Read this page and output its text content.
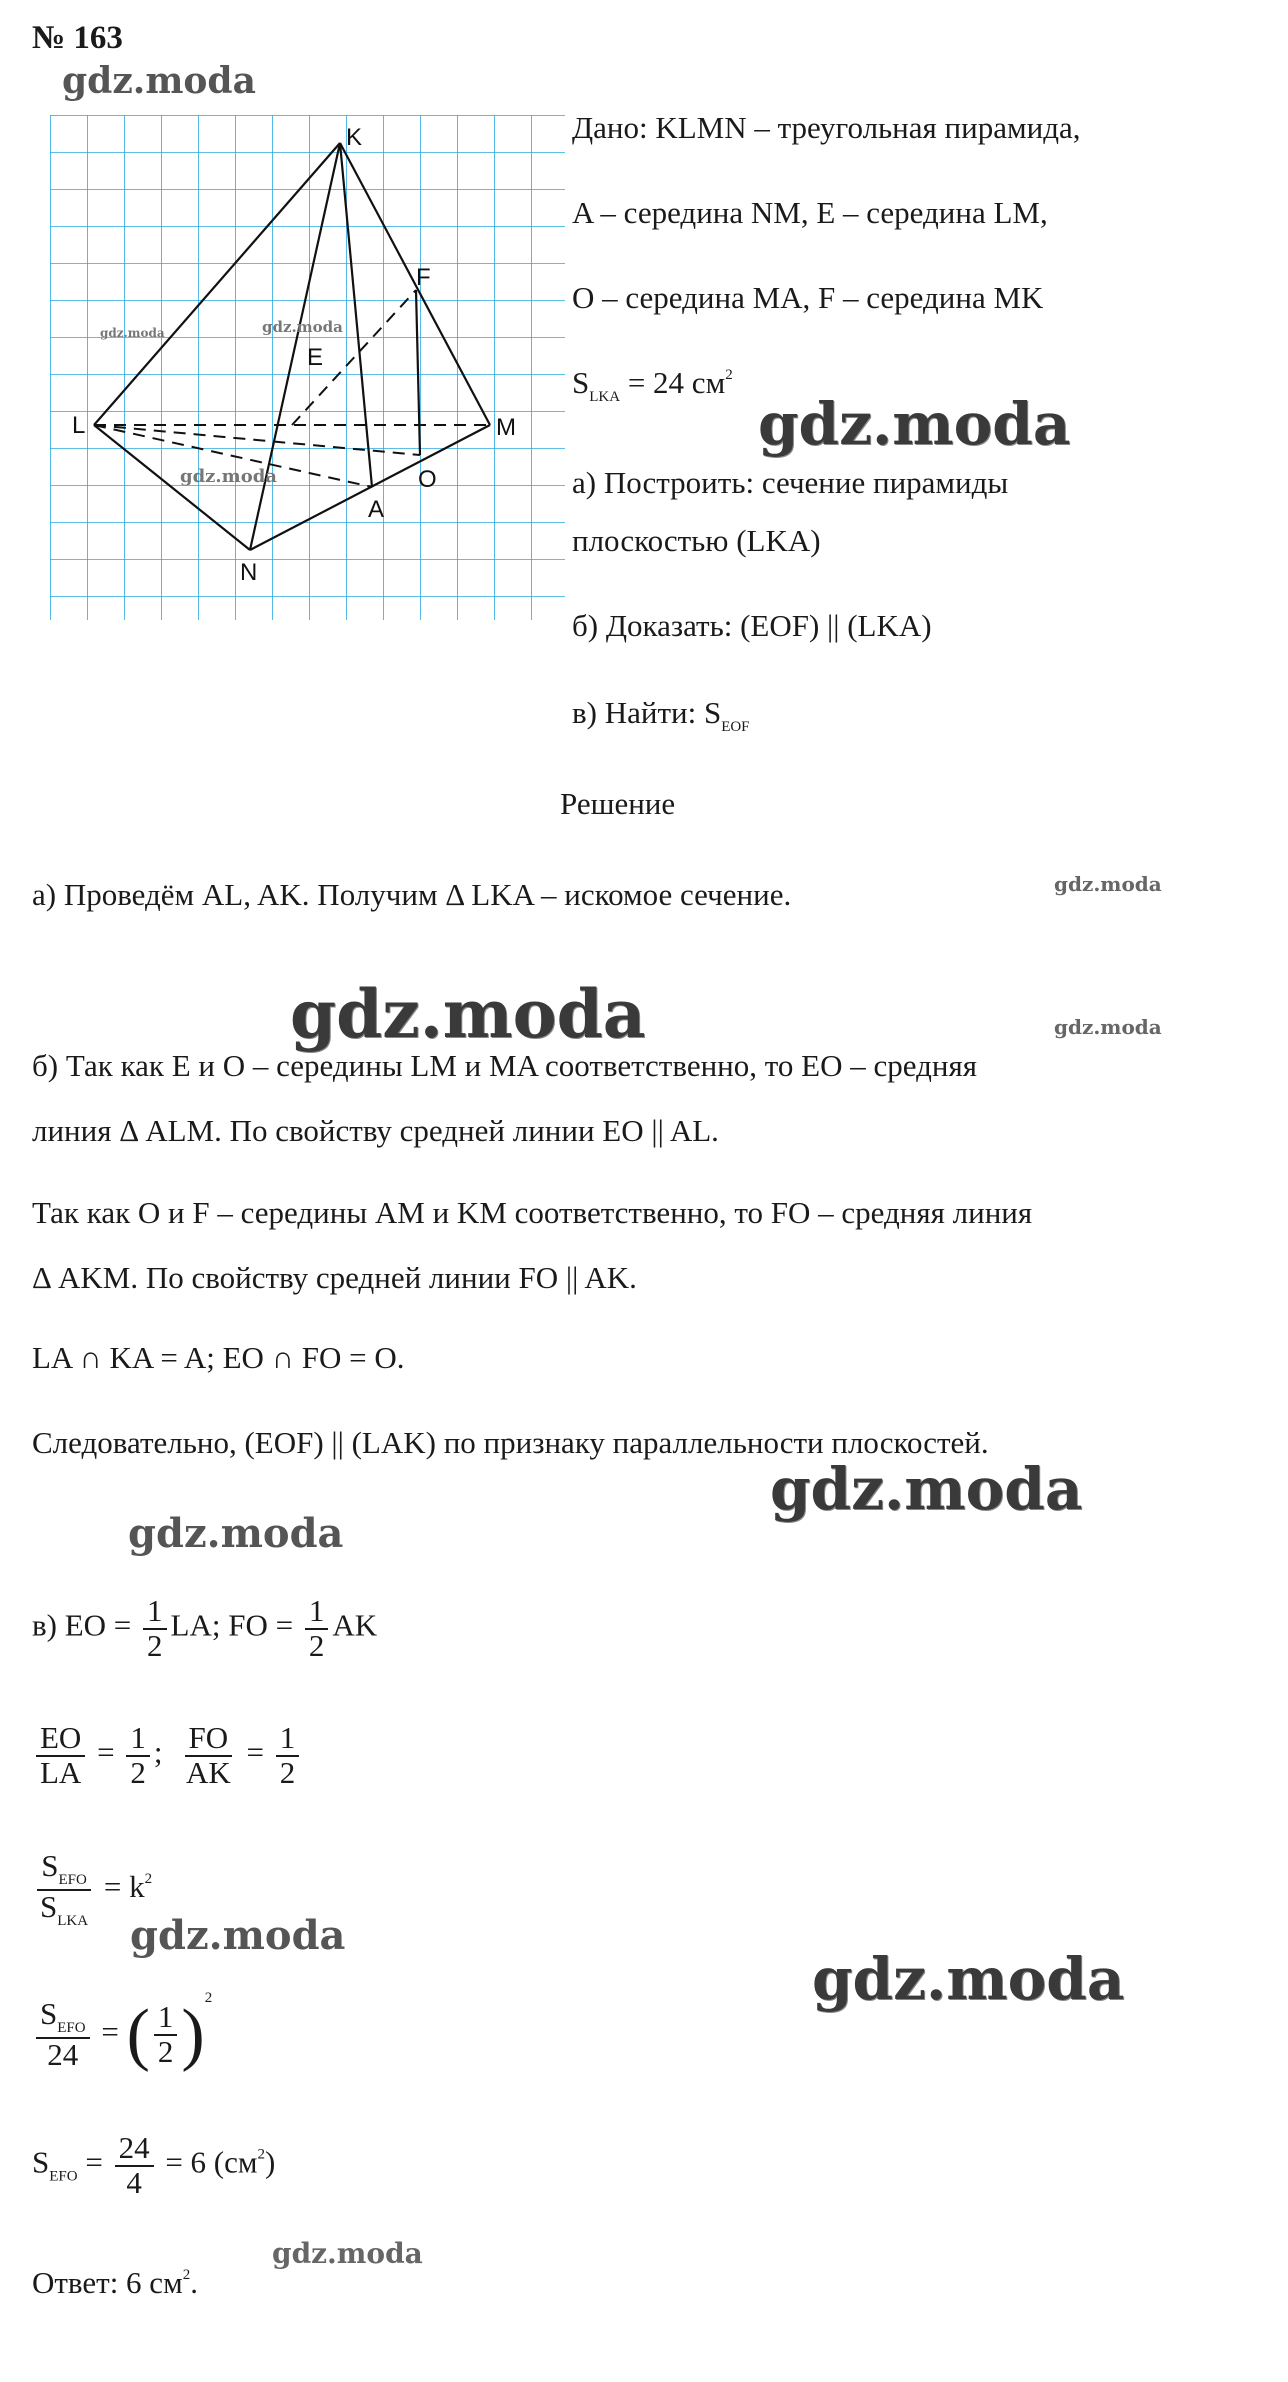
№ 163
K
L	M
N
A
O
E
F
Дано: KLMN – треугольная пирамида,
A – середина NM, E – середина LM,
O – середина MA, F – середина MK
$S_{LKA} = 24$ $см^2$
а) Построить: сечение пирамиды
плоскостью (LKA)
б) Доказать: (EOF) || (LKA)
в) Найти: $S_{EOF}$
Решение
а) Проведём AL, AK. Получим Δ LKA – искомое сечение.
б) Так как E и O – середины LM и MA соответственно, то EO – средняя
линия Δ ALM. По свойству средней линии EO || AL.
Так как O и F – середины AM и KM соответственно, то FO – средняя линия
Δ AKM. По свойству средней линии FO || AK.
LA ∩ KA = A; EO ∩ FO = O.
Следовательно, (EOF) || (LAK) по признаку параллельности плоскостей.
в) EO = $\frac{1}{2}$ LA; FO = $\frac{1}{2}$ AK
$\frac{EO}{LA} = \frac{1}{2}$ ; $\frac{FO}{AK} = \frac{1}{2}$
$\frac{S_{EFO}}{S_{LKA}} = k^2$
$\frac{S_{EFO}}{24}$ = ( $\frac{1}{2} )^2$
$S_{EFO} = \frac{24}{4} = 6$ $(см^2)$
Ответ: 6 $см^2$.
gdz.moda
gdz.moda	gdz.moda
gdz.moda
gdz.moda
gdz.moda
gdz.moda	gdz.moda
gdz.moda
gdz.moda
gdz.moda
gdz.moda
gdz.moda
